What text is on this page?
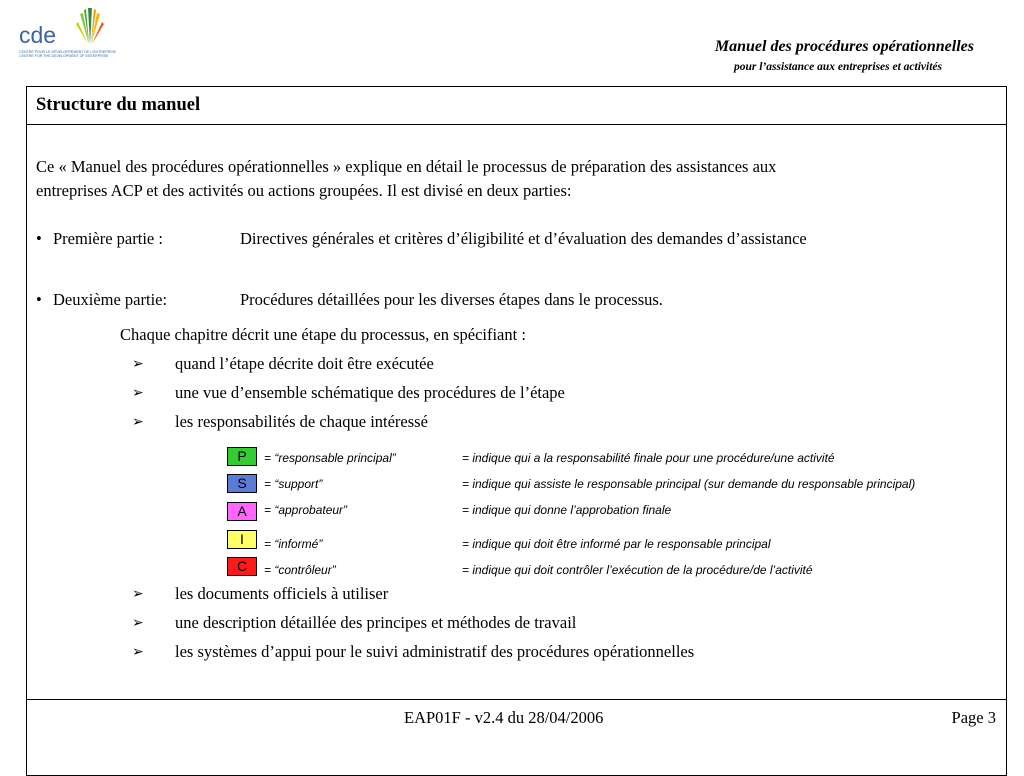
cde
CENTRE POUR LE DÉVELOPPEMENT DE L'ENTREPRISE
CENTRE FOR THE DEVELOPMENT OF ENTERPRISE
Manuel des procédures opérationnelles
pour l’assistance aux entreprises et activités
Structure du manuel
Ce « Manuel des procédures opérationnelles » explique en détail le processus de préparation des assistances aux
entreprises ACP et des activités ou actions groupées. Il est divisé en deux parties:
• Première partie :	Directives générales et critères d’éligibilité et d’évaluation des demandes d’assistance
• Deuxième partie:	Procédures détaillées pour les diverses étapes dans le processus.
Chaque chapitre décrit une étape du processus, en spécifiant :
➢ quand l’étape décrite doit être exécutée
➢ une vue d’ensemble schématique des procédures de l’étape
➢ les responsabilités de chaque intéressé
P	= “responsable principal”	= indique qui a la responsabilité finale pour une procédure/une activité
S	= “support”	= indique qui assiste le responsable principal (sur demande du responsable principal)
A	= “approbateur”	= indique qui donne l’approbation finale
I	= “informé”	= indique qui doit être informé par le responsable principal
C	= “contrôleur”	= indique qui doit contrôler l’exécution de la procédure/de l’activité
➢ les documents officiels à utiliser
➢ une description détaillée des principes et méthodes de travail
➢ les systèmes d’appui pour le suivi administratif des procédures opérationnelles
EAP01F - v2.4 du 28/04/2006	Page 3
